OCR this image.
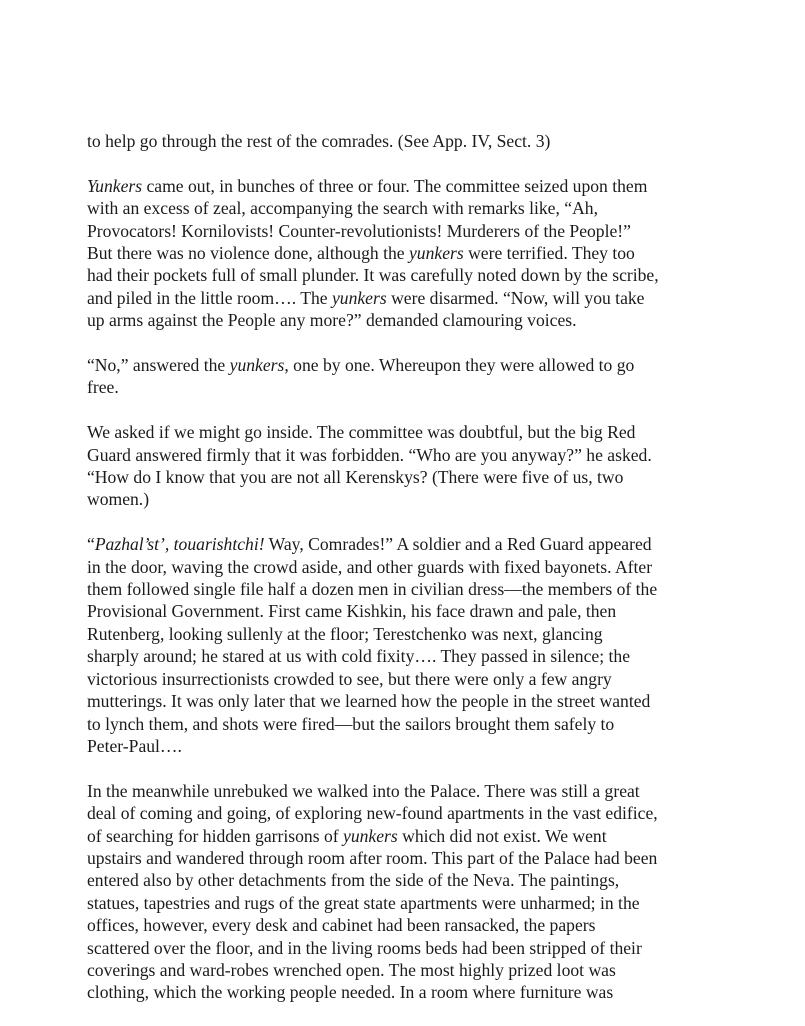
to help go through the rest of the comrades. (See App. IV, Sect. 3)

Yunkers came out, in bunches of three or four. The committee seized upon them
with an excess of zeal, accompanying the search with remarks like, “Ah,
Provocators! Kornilovists! Counter-revolutionists! Murderers of the People!”
But there was no violence done, although the yunkers were terrified. They too
had their pockets full of small plunder. It was carefully noted down by the scribe,
and piled in the little room…. The yunkers were disarmed. “Now, will you take
up arms against the People any more?” demanded clamouring voices.

“No,” answered the yunkers, one by one. Whereupon they were allowed to go
free.

We asked if we might go inside. The committee was doubtful, but the big Red
Guard answered firmly that it was forbidden. “Who are you anyway?” he asked.
“How do I know that you are not all Kerenskys? (There were five of us, two
women.)

“Pazhal’st’, touarishtchi! Way, Comrades!” A soldier and a Red Guard appeared
in the door, waving the crowd aside, and other guards with fixed bayonets. After
them followed single file half a dozen men in civilian dress—the members of the
Provisional Government. First came Kishkin, his face drawn and pale, then
Rutenberg, looking sullenly at the floor; Terestchenko was next, glancing
sharply around; he stared at us with cold fixity…. They passed in silence; the
victorious insurrectionists crowded to see, but there were only a few angry
mutterings. It was only later that we learned how the people in the street wanted
to lynch them, and shots were fired—but the sailors brought them safely to
Peter-Paul….

In the meanwhile unrebuked we walked into the Palace. There was still a great
deal of coming and going, of exploring new-found apartments in the vast edifice,
of searching for hidden garrisons of yunkers which did not exist. We went
upstairs and wandered through room after room. This part of the Palace had been
entered also by other detachments from the side of the Neva. The paintings,
statues, tapestries and rugs of the great state apartments were unharmed; in the
offices, however, every desk and cabinet had been ransacked, the papers
scattered over the floor, and in the living rooms beds had been stripped of their
coverings and ward-robes wrenched open. The most highly prized loot was
clothing, which the working people needed. In a room where furniture was
